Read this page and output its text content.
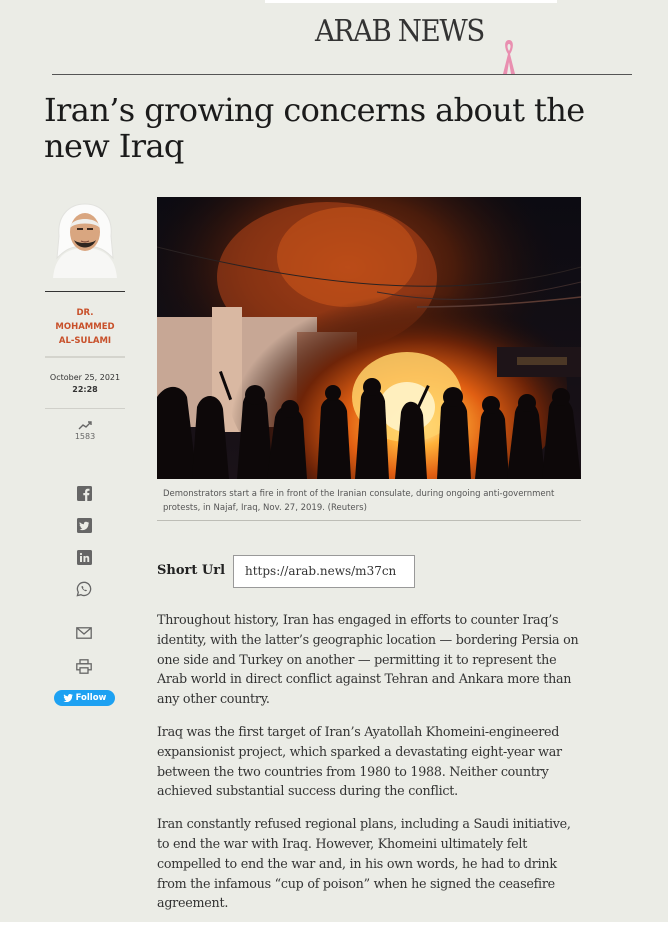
ARAB NEWS
Iran’s growing concerns about the new Iraq
DR.
MOHAMMED
AL-SULAMI
October 25, 2021
22:28
1583
Follow
Demonstrators start a fire in front of the Iranian consulate, during ongoing anti-government protests, in Najaf, Iraq, Nov. 27, 2019. (Reuters)
Short Url	https://arab.news/m37cn

Throughout history, Iran has engaged in efforts to counter Iraq’s identity, with the latter’s geographic location — bordering Persia on one side and Turkey on another — permitting it to represent the Arab world in direct conflict against Tehran and Ankara more than any other country.

Iraq was the first target of Iran’s Ayatollah Khomeini-engineered expansionist project, which sparked a devastating eight-year war between the two countries from 1980 to 1988. Neither country achieved substantial success during the conflict.

Iran constantly refused regional plans, including a Saudi initiative, to end the war with Iraq. However, Khomeini ultimately felt compelled to end the war and, in his own words, he had to drink from the infamous “cup of poison” when he signed the ceasefire agreement.
